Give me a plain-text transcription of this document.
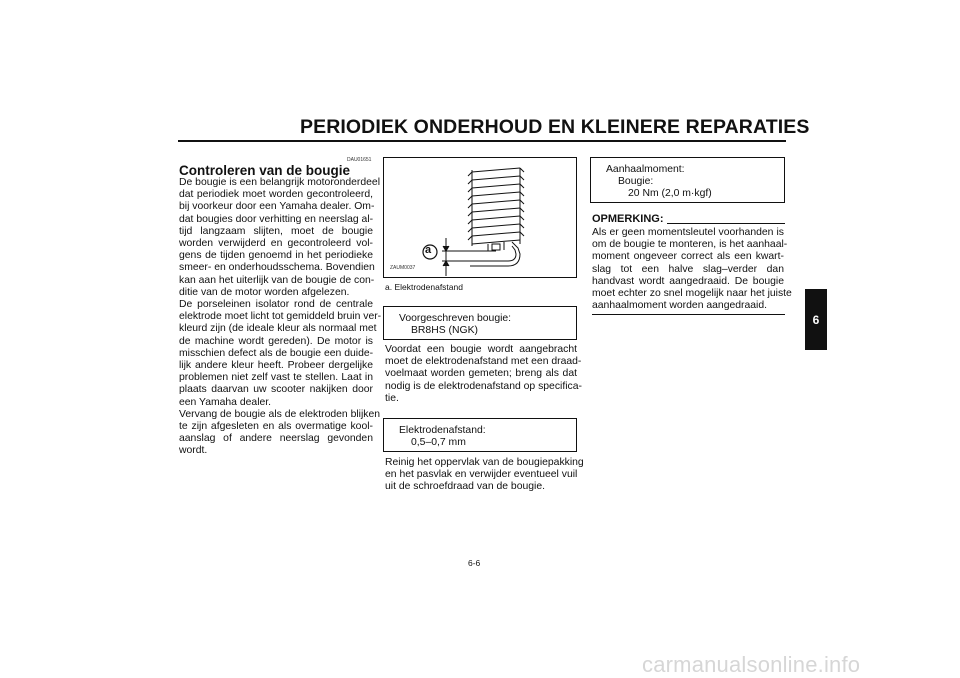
PERIODIEK ONDERHOUD EN KLEINERE REPARATIES
DAU01651
Controleren van de bougie
De bougie is een belangrijk motoronderdeel
dat periodiek moet worden gecontroleerd,
bij voorkeur door een Yamaha dealer. Om-
dat bougies door verhitting en neerslag al-
tijd langzaam slijten, moet de bougie
worden verwijderd en gecontroleerd vol-
gens de tijden genoemd in het periodieke
smeer- en onderhoudsschema. Bovendien
kan aan het uiterlijk van de bougie de con-
ditie van de motor worden afgelezen.
De porseleinen isolator rond de centrale
elektrode moet licht tot gemiddeld bruin ver-
kleurd zijn (de ideale kleur als normaal met
de machine wordt gereden). De motor is
misschien defect als de bougie een duide-
lijk andere kleur heeft. Probeer dergelijke
problemen niet zelf vast te stellen. Laat in
plaats daarvan uw scooter nakijken door
een Yamaha dealer.
Vervang de bougie als de elektroden blijken
te zijn afgesleten en als overmatige kool-
aanslag of andere neerslag gevonden
wordt.
a
ZAUM0037
a. Elektrodenafstand
Voorgeschreven bougie:
BR8HS (NGK)
Voordat een bougie wordt aangebracht
moet de elektrodenafstand met een draad-
voelmaat worden gemeten; breng als dat
nodig is de elektrodenafstand op specifica-
tie.
Elektrodenafstand:
0,5–0,7 mm
Reinig het oppervlak van de bougiepakking
en het pasvlak en verwijder eventueel vuil
uit de schroefdraad van de bougie.
Aanhaalmoment:
Bougie:
20 Nm (2,0 m·kgf)
OPMERKING:
Als er geen momentsleutel voorhanden is
om de bougie te monteren, is het aanhaal-
moment ongeveer correct als een kwart-
slag tot een halve slag–verder dan
handvast wordt aangedraaid. De bougie
moet echter zo snel mogelijk naar het juiste
aanhaalmoment worden aangedraaid.
6-6
6
carmanualsonline.info
